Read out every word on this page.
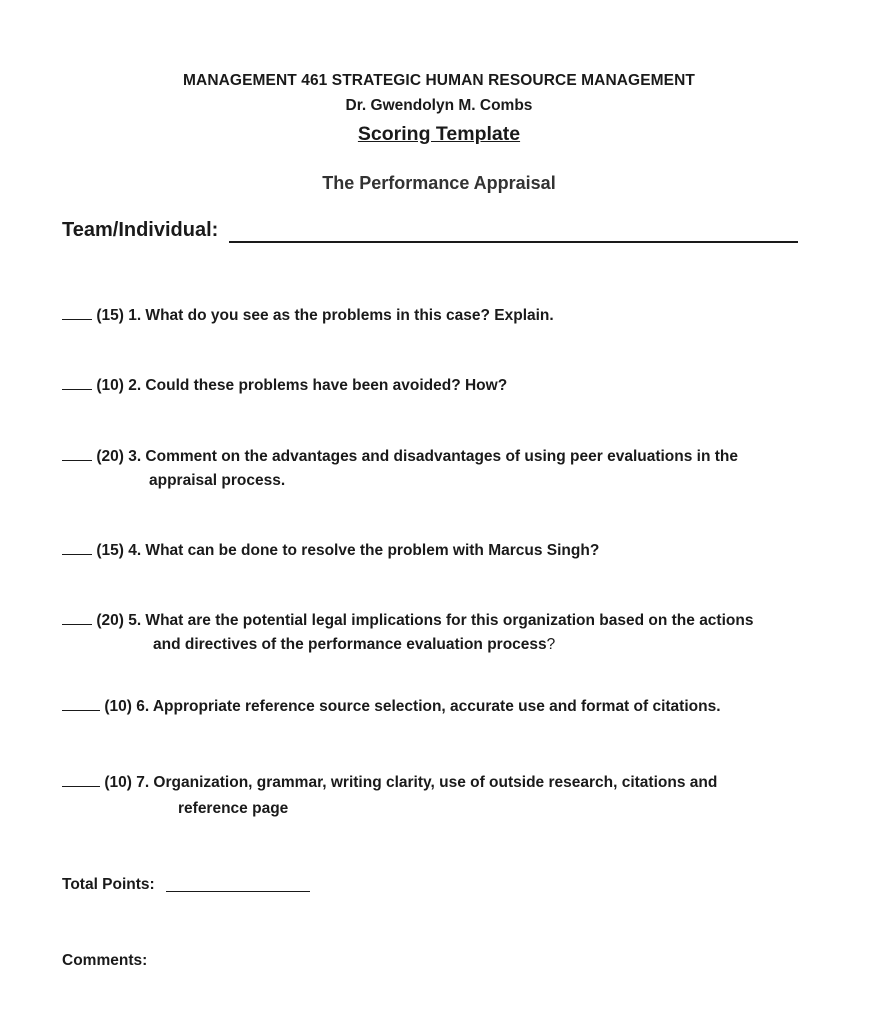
MANAGEMENT 461 STRATEGIC HUMAN RESOURCE MANAGEMENT
Dr. Gwendolyn M. Combs
Scoring Template
The Performance Appraisal
Team/Individual:
(15) 1. What do you see as the problems in this case? Explain.
(10) 2. Could these problems have been avoided? How?
(20) 3. Comment on the advantages and disadvantages of using peer evaluations in the
appraisal process.
(15) 4. What can be done to resolve the problem with Marcus Singh?
(20) 5. What are the potential legal implications for this organization based on the actions
and directives of the performance evaluation process?
(10) 6. Appropriate reference source selection, accurate use and format of citations.
(10) 7. Organization, grammar, writing clarity, use of outside research, citations and
reference page
Total Points:
Comments:
